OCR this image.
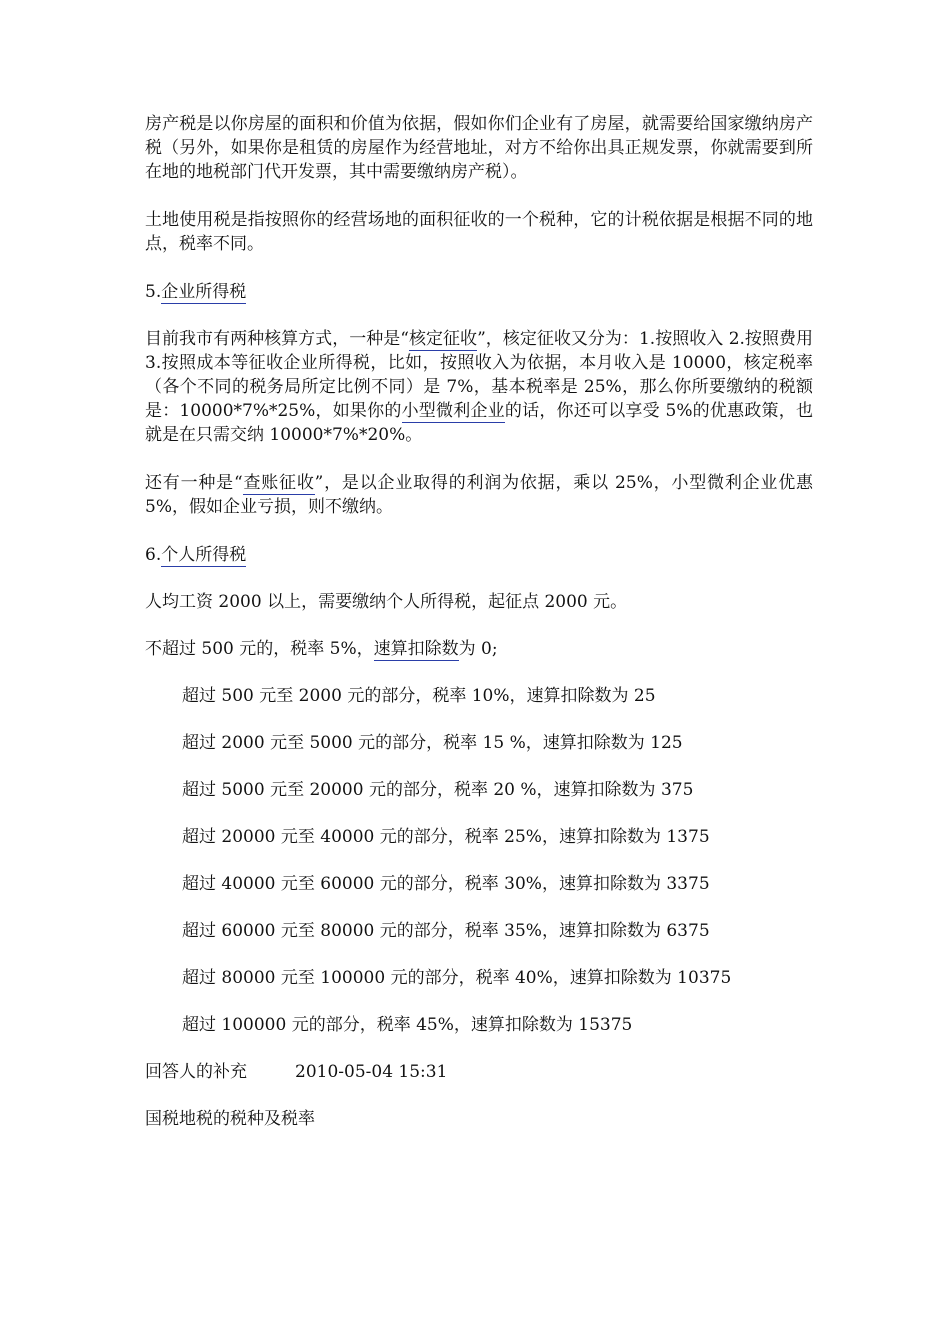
房产税是以你房屋的面积和价值为依据，假如你们企业有了房屋，就需要给国家缴纳房产税（另外，如果你是租赁的房屋作为经营地址，对方不给你出具正规发票，你就需要到所在地的地税部门代开发票，其中需要缴纳房产税）。

土地使用税是指按照你的经营场地的面积征收的一个税种，它的计税依据是根据不同的地点，税率不同。

5.企业所得税

目前我市有两种核算方式，一种是“核定征收”，核定征收又分为：1.按照收入 2.按照费用 3.按照成本等征收企业所得税，比如，按照收入为依据，本月收入是 10000，核定税率（各个不同的税务局所定比例不同）是 7%，基本税率是 25%，那么你所要缴纳的税额是：10000*7%*25%，如果你的小型微利企业的话，你还可以享受 5%的优惠政策，也就是在只需交纳 10000*7%*20%。

还有一种是“查账征收”，是以企业取得的利润为依据，乘以 25%，小型微利企业优惠 5%，假如企业亏损，则不缴纳。

6.个人所得税

人均工资 2000 以上，需要缴纳个人所得税，起征点 2000 元。

不超过 500 元的，税率 5%，速算扣除数为 0;

超过 500 元至 2000 元的部分，税率 10%，速算扣除数为 25

超过 2000 元至 5000 元的部分，税率 15 %，速算扣除数为 125

超过 5000 元至 20000 元的部分，税率 20 %，速算扣除数为 375

超过 20000 元至 40000 元的部分，税率 25%，速算扣除数为 1375

超过 40000 元至 60000 元的部分，税率 30%，速算扣除数为 3375

超过 60000 元至 80000 元的部分，税率 35%，速算扣除数为 6375

超过 80000 元至 100000 元的部分，税率 40%，速算扣除数为 10375

超过 100000 元的部分，税率 45%，速算扣除数为 15375

回答人的补充	2010-05-04 15:31

国税地税的税种及税率
